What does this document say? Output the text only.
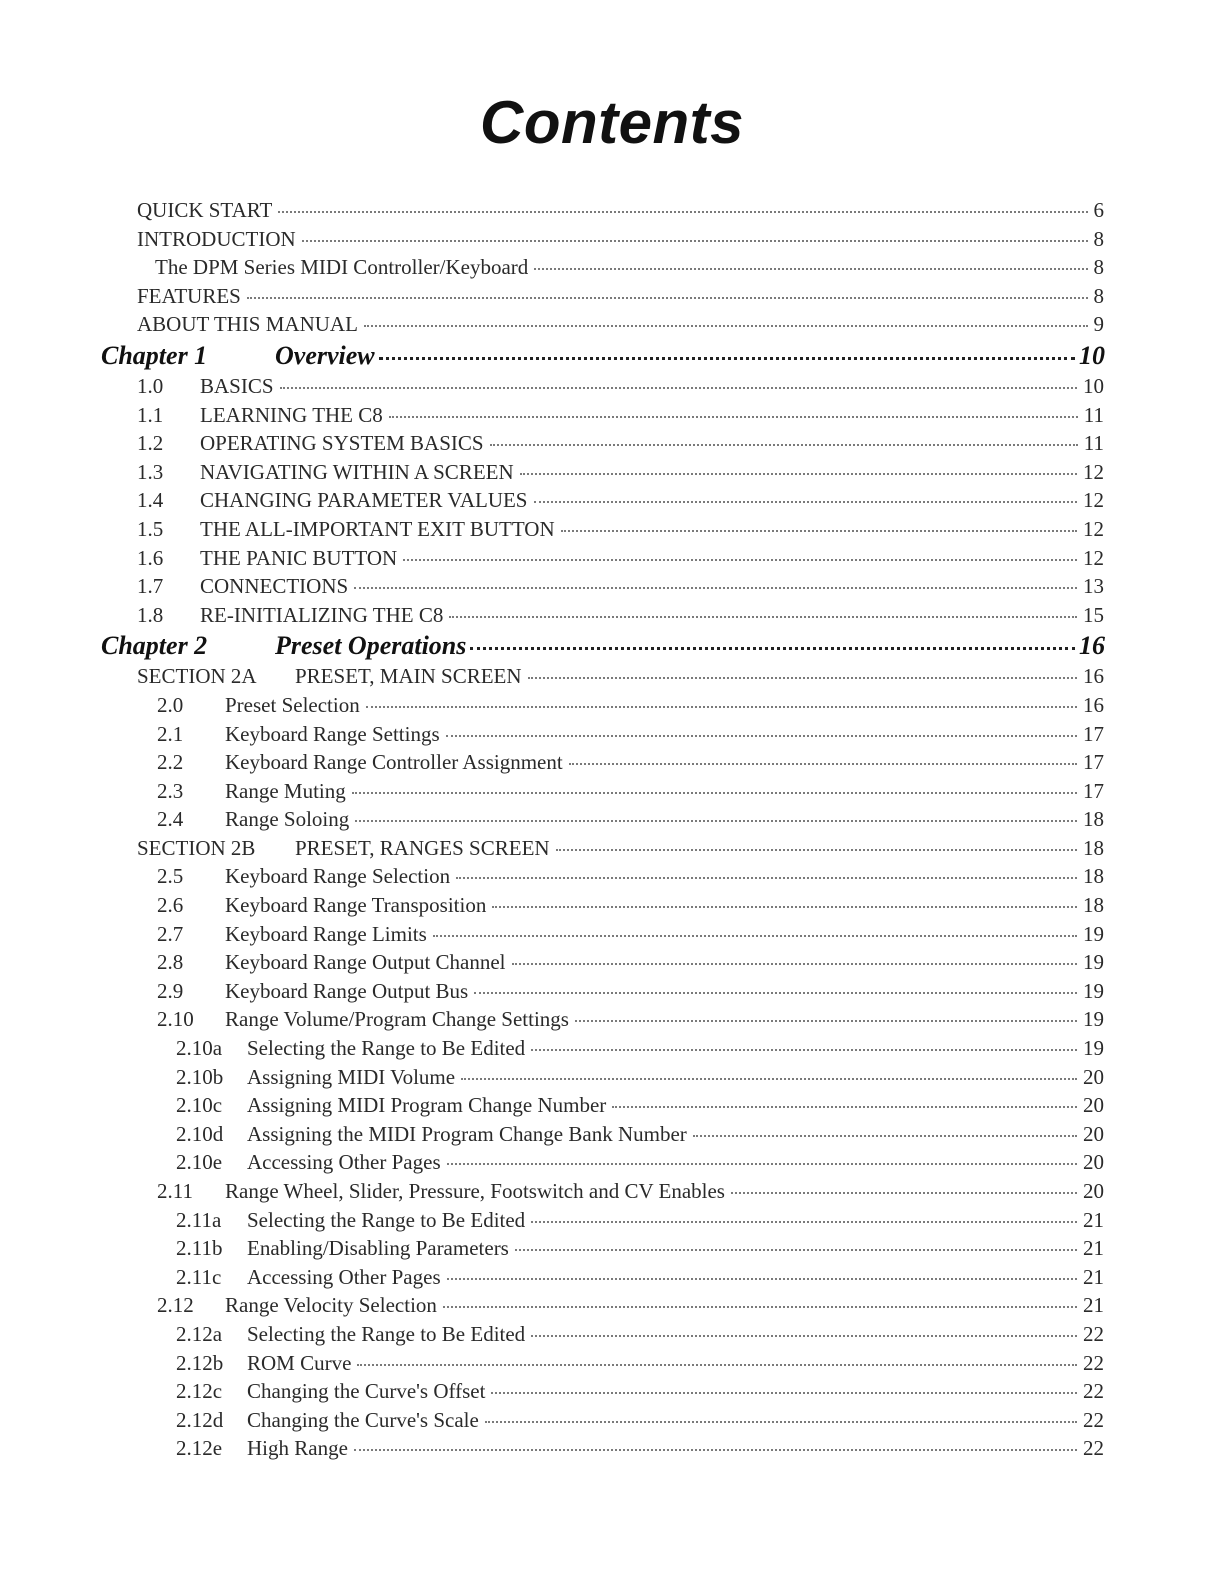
Contents
QUICK START	6
INTRODUCTION	8
The DPM Series MIDI Controller/Keyboard	8
FEATURES	8
ABOUT THIS MANUAL	9
Chapter 1	Overview	10
1.0	BASICS	10
1.1	LEARNING THE C8	11
1.2	OPERATING SYSTEM BASICS	11
1.3	NAVIGATING WITHIN A SCREEN	12
1.4	CHANGING PARAMETER VALUES	12
1.5	THE ALL-IMPORTANT EXIT BUTTON	12
1.6	THE PANIC BUTTON	12
1.7	CONNECTIONS	13
1.8	RE-INITIALIZING THE C8	15
Chapter 2	Preset Operations	16
SECTION 2A	PRESET, MAIN SCREEN	16
2.0	Preset Selection	16
2.1	Keyboard Range Settings	17
2.2	Keyboard Range Controller Assignment	17
2.3	Range Muting	17
2.4	Range Soloing	18
SECTION 2B	PRESET, RANGES SCREEN	18
2.5	Keyboard Range Selection	18
2.6	Keyboard Range Transposition	18
2.7	Keyboard Range Limits	19
2.8	Keyboard Range Output Channel	19
2.9	Keyboard Range Output Bus	19
2.10	Range Volume/Program Change Settings	19
2.10a	Selecting the Range to Be Edited	19
2.10b	Assigning MIDI Volume	20
2.10c	Assigning MIDI Program Change Number	20
2.10d	Assigning the MIDI Program Change Bank Number	20
2.10e	Accessing Other Pages	20
2.11	Range Wheel, Slider, Pressure, Footswitch and CV Enables	20
2.11a	Selecting the Range to Be Edited	21
2.11b	Enabling/Disabling Parameters	21
2.11c	Accessing Other Pages	21
2.12	Range Velocity Selection	21
2.12a	Selecting the Range to Be Edited	22
2.12b	ROM Curve	22
2.12c	Changing the Curve's Offset	22
2.12d	Changing the Curve's Scale	22
2.12e	High Range	22
